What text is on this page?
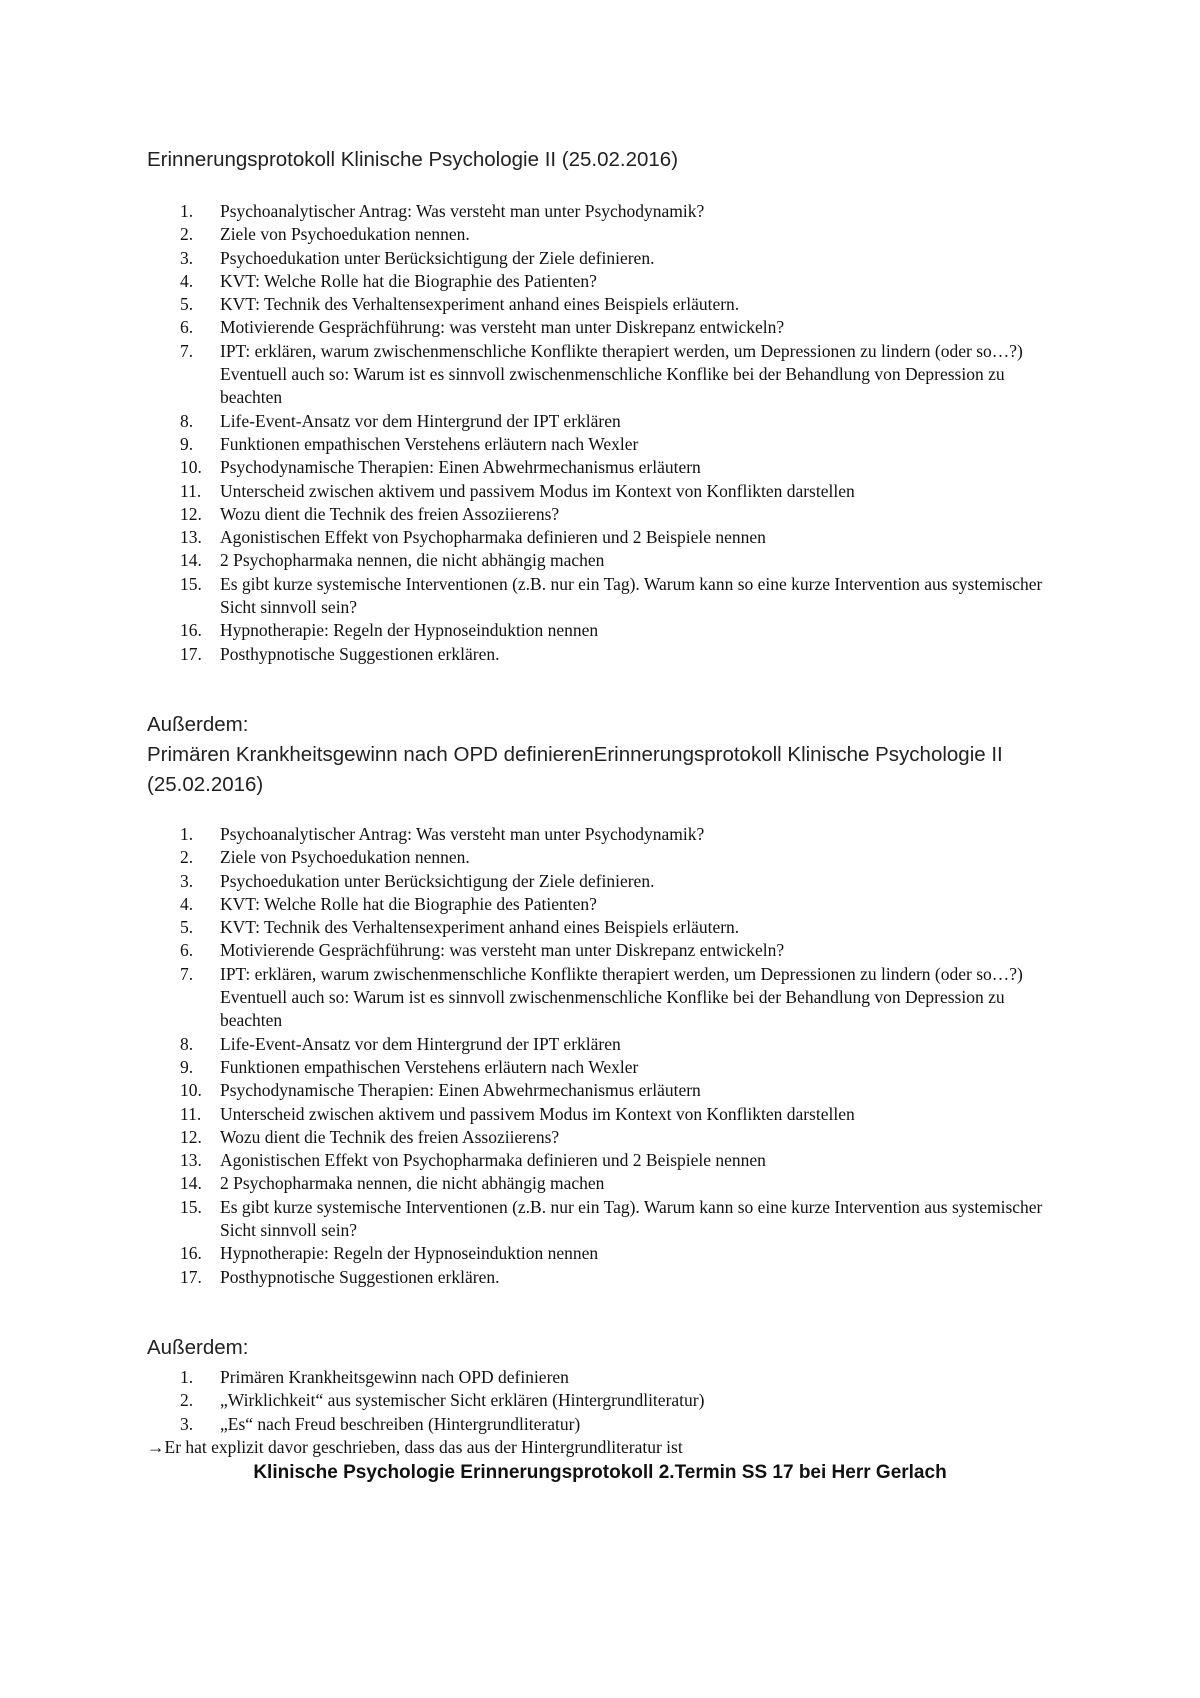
Erinnerungsprotokoll Klinische Psychologie II (25.02.2016)
1.	Psychoanalytischer Antrag: Was versteht man unter Psychodynamik?
2.	Ziele von Psychoedukation nennen.
3.	Psychoedukation unter Berücksichtigung der Ziele definieren.
4.	KVT: Welche Rolle hat die Biographie des Patienten?
5.	KVT: Technik des Verhaltensexperiment anhand eines Beispiels erläutern.
6.	Motivierende Gesprächführung: was versteht man unter Diskrepanz entwickeln?
7.	IPT: erklären, warum zwischenmenschliche Konflikte therapiert werden, um Depressionen zu lindern (oder so…?)
Eventuell auch so: Warum ist es sinnvoll zwischenmenschliche Konflike bei der Behandlung von Depression zu beachten
8.	Life-Event-Ansatz vor dem Hintergrund der IPT erklären
9.	Funktionen empathischen Verstehens erläutern nach Wexler
10.	Psychodynamische Therapien: Einen Abwehrmechanismus erläutern
11.	Unterscheid zwischen aktivem und passivem Modus im Kontext von Konflikten darstellen
12.	Wozu dient die Technik des freien Assoziierens?
13.	Agonistischen Effekt von Psychopharmaka definieren und 2 Beispiele nennen
14.	2 Psychopharmaka nennen, die nicht abhängig machen
15.	Es gibt kurze systemische Interventionen (z.B. nur ein Tag). Warum kann so eine kurze Intervention aus systemischer Sicht sinnvoll sein?
16.	Hypnotherapie: Regeln der Hypnoseinduktion nennen
17.	Posthypnotische Suggestionen erklären.
Außerdem:
Primären Krankheitsgewinn nach OPD definierenErinnerungsprotokoll Klinische Psychologie II (25.02.2016)
1.	Psychoanalytischer Antrag: Was versteht man unter Psychodynamik?
2.	Ziele von Psychoedukation nennen.
3.	Psychoedukation unter Berücksichtigung der Ziele definieren.
4.	KVT: Welche Rolle hat die Biographie des Patienten?
5.	KVT: Technik des Verhaltensexperiment anhand eines Beispiels erläutern.
6.	Motivierende Gesprächführung: was versteht man unter Diskrepanz entwickeln?
7.	IPT: erklären, warum zwischenmenschliche Konflikte therapiert werden, um Depressionen zu lindern (oder so…?)
Eventuell auch so: Warum ist es sinnvoll zwischenmenschliche Konflike bei der Behandlung von Depression zu beachten
8.	Life-Event-Ansatz vor dem Hintergrund der IPT erklären
9.	Funktionen empathischen Verstehens erläutern nach Wexler
10.	Psychodynamische Therapien: Einen Abwehrmechanismus erläutern
11.	Unterscheid zwischen aktivem und passivem Modus im Kontext von Konflikten darstellen
12.	Wozu dient die Technik des freien Assoziierens?
13.	Agonistischen Effekt von Psychopharmaka definieren und 2 Beispiele nennen
14.	2 Psychopharmaka nennen, die nicht abhängig machen
15.	Es gibt kurze systemische Interventionen (z.B. nur ein Tag). Warum kann so eine kurze Intervention aus systemischer Sicht sinnvoll sein?
16.	Hypnotherapie: Regeln der Hypnoseinduktion nennen
17.	Posthypnotische Suggestionen erklären.
Außerdem:
1.	Primären Krankheitsgewinn nach OPD definieren
2.	„Wirklichkeit“ aus systemischer Sicht erklären (Hintergrundliteratur)
3.	„Es“ nach Freud beschreiben (Hintergrundliteratur)
→Er hat explizit davor geschrieben, dass das aus der Hintergrundliteratur ist
Klinische Psychologie Erinnerungsprotokoll 2.Termin SS 17 bei Herr Gerlach
